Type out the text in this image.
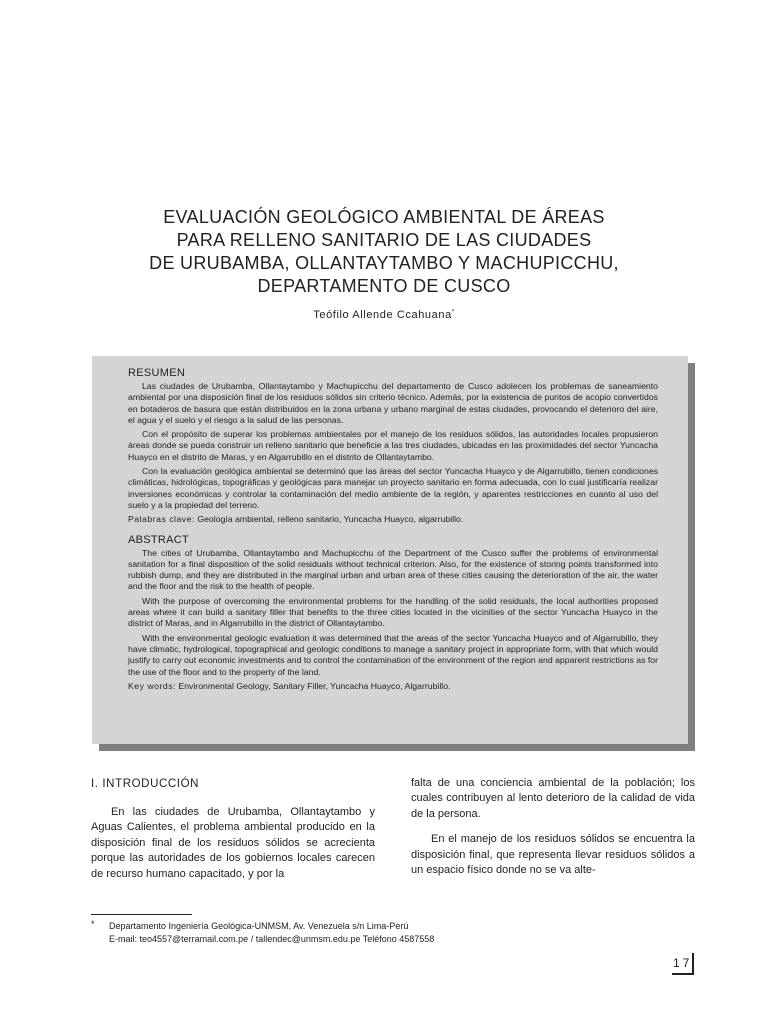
EVALUACIÓN GEOLÓGICO AMBIENTAL DE ÁREAS
PARA RELLENO SANITARIO DE LAS CIUDADES
DE URUBAMBA, OLLANTAYTAMBO Y MACHUPICCHU,
DEPARTAMENTO DE CUSCO
Teófilo Allende Ccahuana*
RESUMEN

Las ciudades de Urubamba, Ollantaytambo y Machupicchu del departamento de Cusco adolecen los problemas de saneamiento ambiental por una disposición final de los residuos sólidos sin criterio técnico. Además, por la existencia de puntos de acopio convertidos en botaderos de basura que están distribuidos en la zona urbana y urbano marginal de estas ciudades, provocando el deterioro del aire, el agua y el suelo y el riesgo a la salud de las personas.

Con el propósito de superar los problemas ambientales por el manejo de los residuos sólidos, las autoridades locales propusieron áreas donde se pueda construir un relleno sanitario que beneficie a las tres ciudades, ubicadas en las proximidades del sector Yuncacha Huayco en el distrito de Maras, y en Algarrubillo en el distrito de Ollantaytambo.

Con la evaluación geológica ambiental se determinó que las áreas del sector Yuncacha Huayco y de Algarrubillo, tienen condiciones climáticas, hidrológicas, topográficas y geológicas para manejar un proyecto sanitario en forma adecuada, con lo cual justificaría realizar inversiones económicas y controlar la contaminación del medio ambiente de la región, y aparentes restricciones en cuanto al uso del suelo y a la propiedad del terreno.

Palabras clave: Geología ambiental, relleno sanitario, Yuncacha Huayco, algarrubillo.

ABSTRACT

The cities of Urubamba, Ollantaytambo and Machupicchu of the Department of the Cusco suffer the problems of environmental sanitation for a final disposition of the solid residuals without technical criterion. Also, for the existence of storing points transformed into rubbish dump, and they are distributed in the marginal urban and urban area of these cities causing the deterioration of the air, the water and the floor and the risk to the health of people.

With the purpose of overcoming the environmental problems for the handling of the solid residuals, the local authorities proposed areas where it can build a sanitary filler that benefits to the three cities located in the vicinities of the sector Yuncacha Huayco in the district of Maras, and in Algarrubillo in the district of Ollantaytambo.

With the environmental geologic evaluation it was determined that the areas of the sector Yuncacha Huayco and of Algarrubillo, they have climatic, hydrological, topographical and geologic conditions to manage a sanitary project in appropriate form, with that which would justify to carry out economic investments and to control the contamination of the environment of the region and apparent restrictions as for the use of the floor and to the property of the land.

Key words: Environmental Geology, Sanitary Filler, Yuncacha Huayco, Algarrubillo.

I. INTRODUCCIÓN

En las ciudades de Urubamba, Ollantaytambo y Aguas Calientes, el problema ambiental producido en la disposición final de los residuos sólidos se acrecienta porque las autoridades de los gobiernos locales carecen de recurso humano capacitado, y por la

falta de una conciencia ambiental de la población; los cuales contribuyen al lento deterioro de la calidad de vida de la persona.

En el manejo de los residuos sólidos se encuentra la disposición final, que representa llevar residuos sólidos a un espacio físico donde no se va alte-

* Departamento Ingeniería Geológica-UNMSM, Av. Venezuela s/n Lima-Perú
E-mail: teo4557@terramail.com.pe / tallendec@unmsm.edu.pe Teléfono 4587558
17
